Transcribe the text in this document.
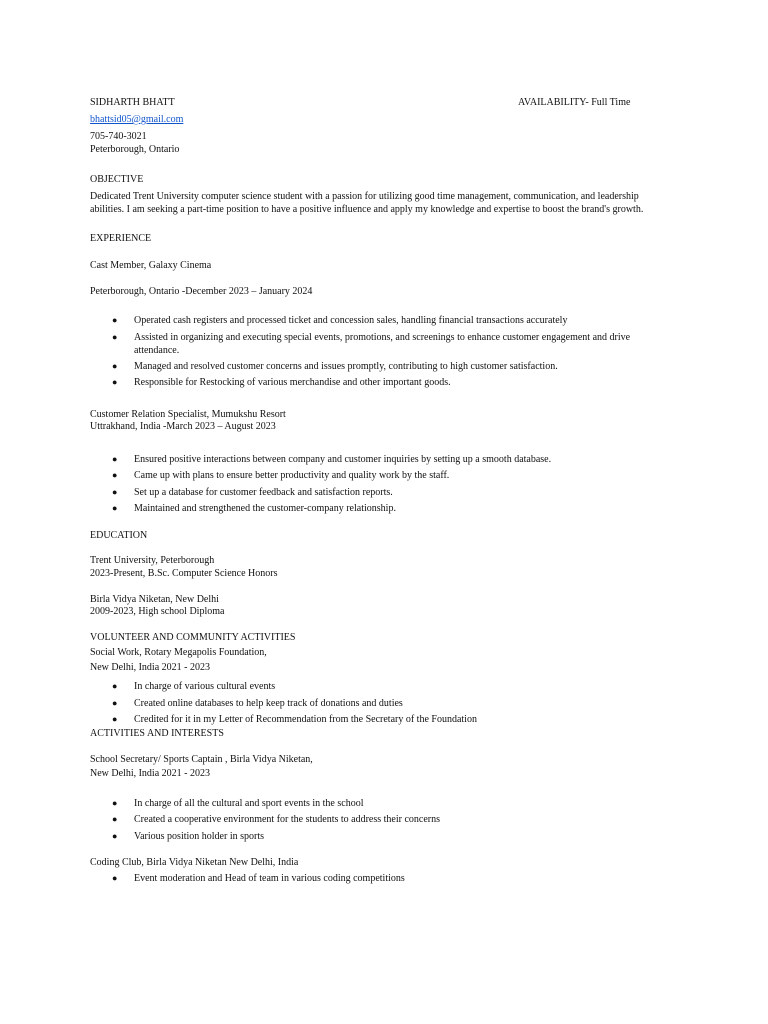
SIDHARTH BHATT	AVAILABILITY- Full Time
bhattsid05@gmail.com
705-740-3021
Peterborough, Ontario
OBJECTIVE
Dedicated Trent University computer science student with a passion for utilizing good time management, communication, and leadership abilities. I am seeking a part-time position to have a positive influence and apply my knowledge and expertise to boost the brand's growth.
EXPERIENCE
Cast Member, Galaxy Cinema
Peterborough, Ontario -December 2023 – January 2024
● Operated cash registers and processed ticket and concession sales, handling financial transactions accurately
● Assisted in organizing and executing special events, promotions, and screenings to enhance customer engagement and drive attendance.
● Managed and resolved customer concerns and issues promptly, contributing to high customer satisfaction.
● Responsible for Restocking of various merchandise and other important goods.
Customer Relation Specialist, Mumukshu Resort
Uttrakhand, India -March 2023 – August 2023
● Ensured positive interactions between company and customer inquiries by setting up a smooth database.
● Came up with plans to ensure better productivity and quality work by the staff.
● Set up a database for customer feedback and satisfaction reports.
● Maintained and strengthened the customer-company relationship.
EDUCATION
Trent University, Peterborough
2023-Present, B.Sc. Computer Science Honors
Birla Vidya Niketan, New Delhi
2009-2023, High school Diploma
VOLUNTEER AND COMMUNITY ACTIVITIES
Social Work, Rotary Megapolis Foundation,
New Delhi, India 2021 - 2023
● In charge of various cultural events
● Created online databases to help keep track of donations and duties
● Credited for it in my Letter of Recommendation from the Secretary of the Foundation
ACTIVITIES AND INTERESTS
School Secretary/ Sports Captain , Birla Vidya Niketan,
New Delhi, India 2021 - 2023
● In charge of all the cultural and sport events in the school
● Created a cooperative environment for the students to address their concerns
● Various position holder in sports
Coding Club, Birla Vidya Niketan New Delhi, India
● Event moderation and Head of team in various coding competitions
